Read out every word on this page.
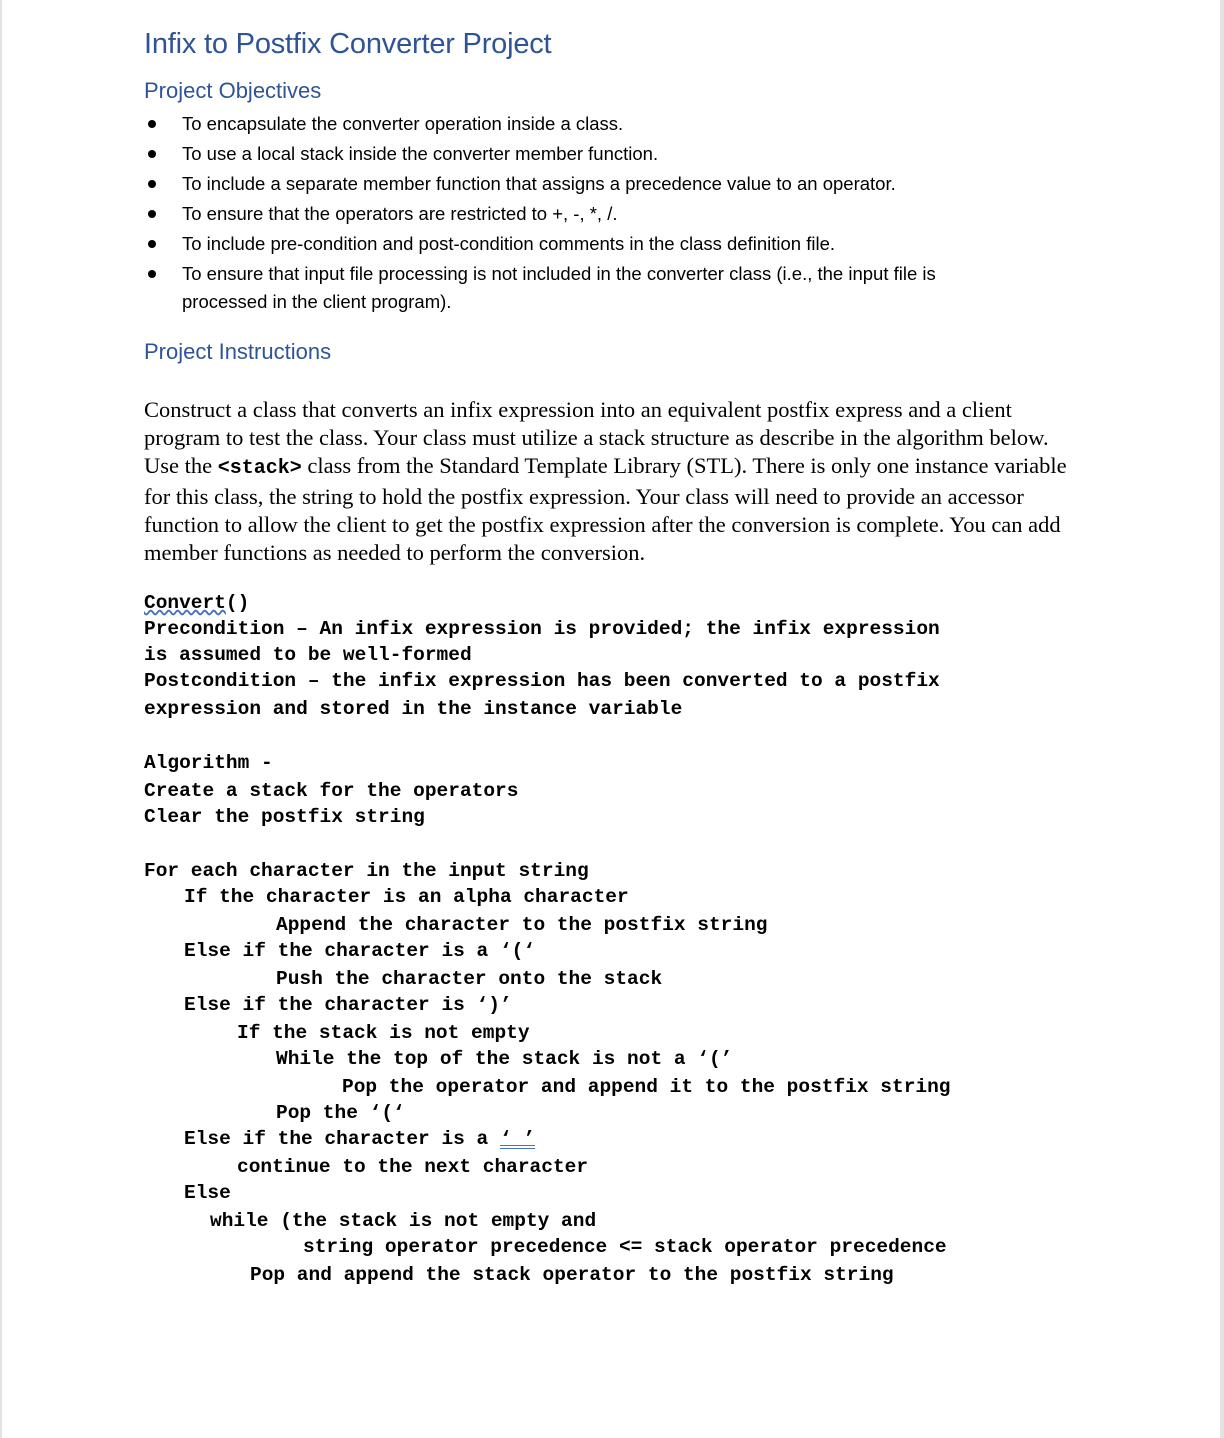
Infix to Postfix Converter Project
Project Objectives
To encapsulate the converter operation inside a class.
To use a local stack inside the converter member function.
To include a separate member function that assigns a precedence value to an operator.
To ensure that the operators are restricted to +, -, *, /.
To include pre-condition and post-condition comments in the class definition file.
To ensure that input file processing is not included in the converter class (i.e., the input file is processed in the client program).
Project Instructions

Construct a class that converts an infix expression into an equivalent postfix express and a client program to test the class. Your class must utilize a stack structure as describe in the algorithm below. Use the <stack> class from the Standard Template Library (STL). There is only one instance variable for this class, the string to hold the postfix expression. Your class will need to provide an accessor function to allow the client to get the postfix expression after the conversion is complete. You can add member functions as needed to perform the conversion.

Convert()
Precondition – An infix expression is provided; the infix expression
is assumed to be well-formed
Postcondition – the infix expression has been converted to a postfix
expression and stored in the instance variable
Algorithm -
Create a stack for the operators
Clear the postfix string
For each character in the input string
If the character is an alpha character
Append the character to the postfix string
Else if the character is a ‘(‘
Push the character onto the stack
Else if the character is ‘)’
If the stack is not empty
While the top of the stack is not a ‘(’
Pop the operator and append it to the postfix string
Pop the ‘(‘
Else if the character is a ‘ ’
continue to the next character
Else
while (the stack is not empty and
string operator precedence <= stack operator precedence
Pop and append the stack operator to the postfix string
